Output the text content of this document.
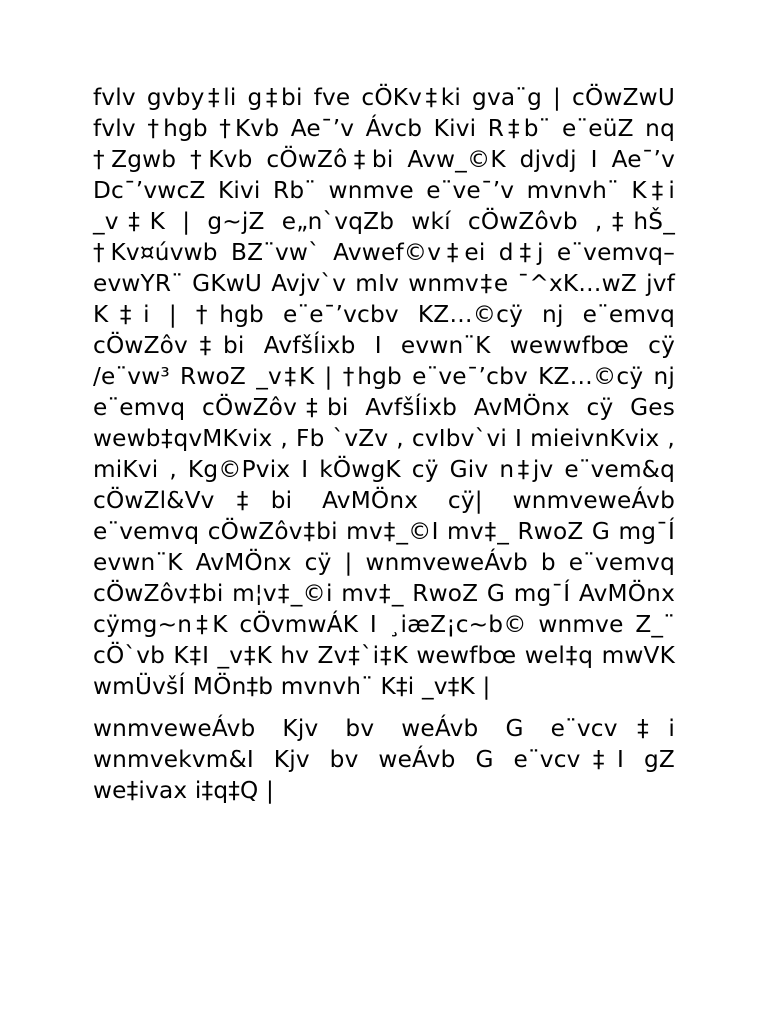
fvlv gvby‡li g‡bi fve cÖKv‡ki gva¨g | cÖwZwU fvlv †hgb †Kvb Ae¯’v Ávcb Kivi R‡b¨ e¨eüZ nq †Zgwb †Kvb cÖwZô‡bi Avw_©K djvdj I Ae¯’v Dc¯’vwcZ Kivi Rb¨ wnmve e¨ve¯’v mvnvh¨ K‡i _v‡K | g~jZ e„n`vqZb wkí cÖwZôvb ,‡hŠ_ †Kv¤úvwb BZ¨vw` Avwef©v‡ei d‡j e¨vemvq– evwYR¨ GKwU Avjv`v mIv wnmv‡e ¯^xK…wZ jvf K‡i | †hgb e¨e¯’vcbv KZ…©cÿ nj e¨emvq cÖwZôv‡bi AvfšÍixb I evwn¨K wewwfbœ cÿ /e¨vw³ RwoZ _v‡K | †hgb e¨ve¯’cbv KZ…©cÿ nj e¨emvq cÖwZôv‡bi AvfšÍixb AvMÖnx cÿ Ges wewb‡qvMKvix , Fb `vZv , cvIbv`vi I mieivnKvix , miKvi , Kg©Pvix I kÖwgK cÿ Giv n‡jv e¨vem&q cÖwZl&Vv‡bi AvMÖnx cÿ| wnmveweÁvb e¨vemvq cÖwZôv‡bi mv‡_©I mv‡_ RwoZ G mg¯Í evwn¨K AvMÖnx cÿ | wnmveweÁvb b e¨vemvq cÖwZôv‡bi m¦v‡_©i mv‡_ RwoZ G mg¯Í AvMÖnx cÿmg~n‡K cÖvmwÁK I ¸iæZ¡c~b© wnmve Z_¨ cÖ`vb K‡I _v‡K hv Zv‡`i‡K wewfbœ wel‡q mwVK wmÜvšÍ MÖn‡b mvnvh¨ K‡i _v‡K |

wnmveweÁvb Kjv bv weÁvb G e¨vcv‡i wnmvekvm&I Kjv bv weÁvb G e¨vcv‡I gZ we‡ivax i‡q‡Q |
